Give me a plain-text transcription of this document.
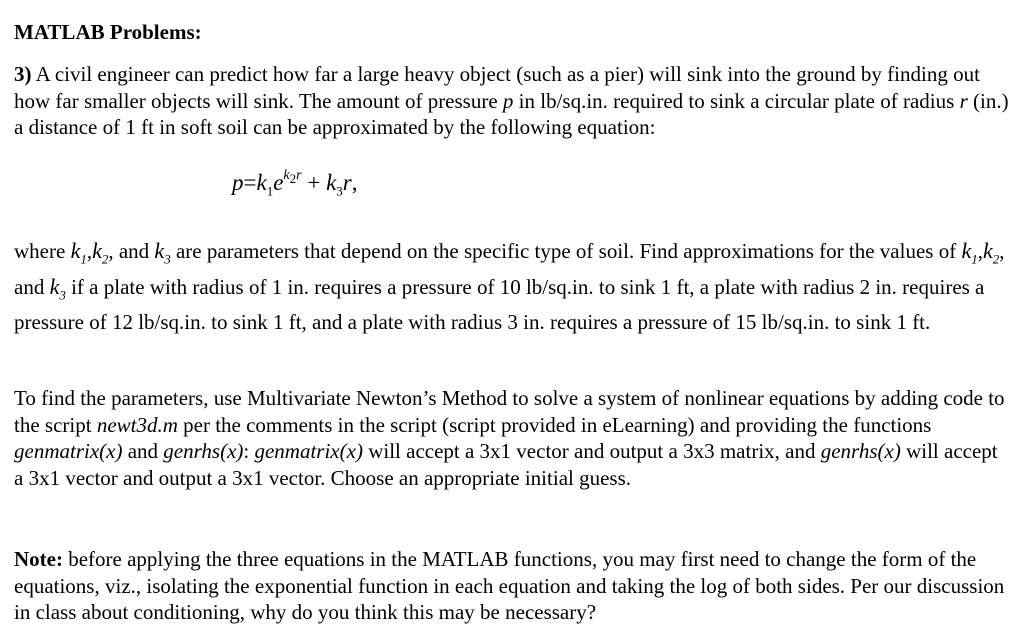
MATLAB Problems:
3) A civil engineer can predict how far a large heavy object (such as a pier) will sink into the ground by finding out how far smaller objects will sink. The amount of pressure p in lb/sq.in. required to sink a circular plate of radius r (in.) a distance of 1 ft in soft soil can be approximated by the following equation:
$p=k_1e^{k_2r} + k_3r$,
where $k_1,k_2$, and $k_3$ are parameters that depend on the specific type of soil. Find approximations for the values of $k_1,k_2$, and $k_3$ if a plate with radius of 1 in. requires a pressure of 10 lb/sq.in. to sink 1 ft, a plate with radius 2 in. requires a pressure of 12 lb/sq.in. to sink 1 ft, and a plate with radius 3 in. requires a pressure of 15 lb/sq.in. to sink 1 ft.
To find the parameters, use Multivariate Newton’s Method to solve a system of nonlinear equations by adding code to the script newt3d.m per the comments in the script (script provided in eLearning) and providing the functions genmatrix(x) and genrhs(x): genmatrix(x) will accept a 3x1 vector and output a 3x3 matrix, and genrhs(x) will accept a 3x1 vector and output a 3x1 vector. Choose an appropriate initial guess.
Note: before applying the three equations in the MATLAB functions, you may first need to change the form of the equations, viz., isolating the exponential function in each equation and taking the log of both sides. Per our discussion in class about conditioning, why do you think this may be necessary?
